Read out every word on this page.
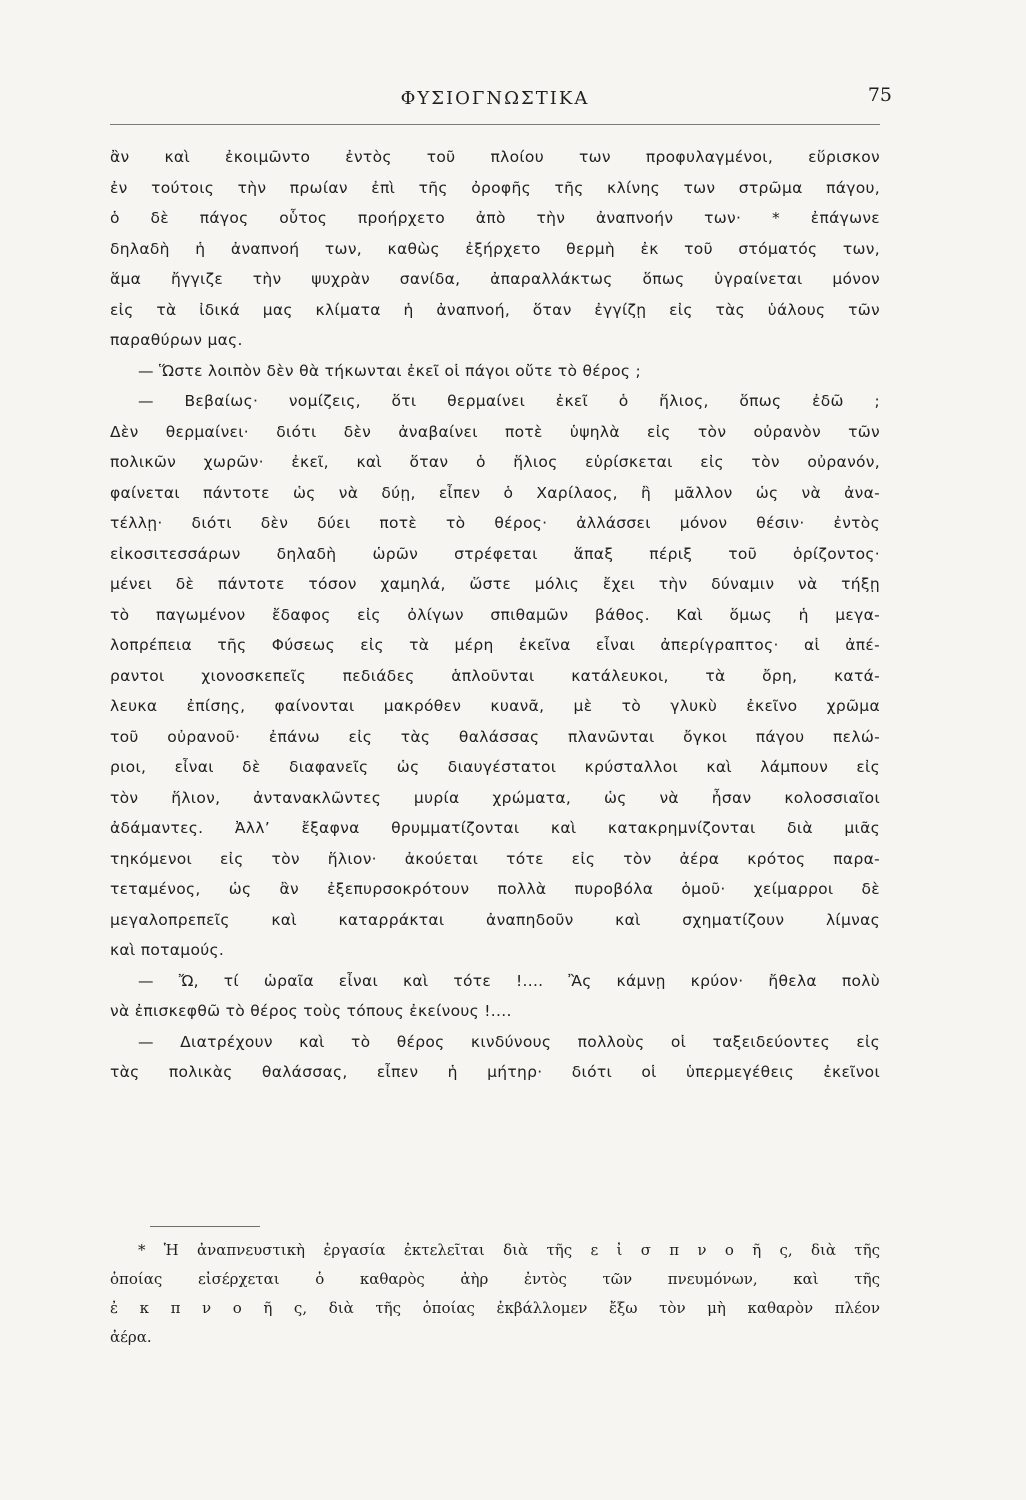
ΦΥΣΙΟΓΝΩΣΤΙΚΑ	75
ἂν καὶ ἐκοιμῶντο ἐντὸς τοῦ πλοίου των προφυλαγμένοι, εὕρισκον
ἐν τούτοις τὴν πρωίαν ἐπὶ τῆς ὀροφῆς τῆς κλίνης των στρῶμα πάγου,
ὁ δὲ πάγος οὗτος προήρχετο ἀπὸ τὴν ἀναπνοήν των· * ἐπάγωνε
δηλαδὴ ἡ ἀναπνοή των, καθὼς ἐξήρχετο θερμὴ ἐκ τοῦ στόματός των,
ἅμα ἤγγιζε τὴν ψυχρὰν σανίδα, ἀπαραλλάκτως ὅπως ὑγραίνεται μόνον
εἰς τὰ ἰδικά μας κλίματα ἡ ἀναπνοή, ὅταν ἐγγίζῃ εἰς τὰς ὑάλους τῶν
παραθύρων μας.
— Ὥστε λοιπὸν δὲν θὰ τήκωνται ἐκεῖ οἱ πάγοι οὔτε τὸ θέρος ;
— Βεβαίως· νομίζεις, ὅτι θερμαίνει ἐκεῖ ὁ ἥλιος, ὅπως ἐδῶ ;
Δὲν θερμαίνει· διότι δὲν ἀναβαίνει ποτὲ ὑψηλὰ εἰς τὸν οὐρανὸν τῶν
πολικῶν χωρῶν· ἐκεῖ, καὶ ὅταν ὁ ἥλιος εὑρίσκεται εἰς τὸν οὐρανόν,
φαίνεται πάντοτε ὡς νὰ δύῃ, εἶπεν ὁ Χαρίλαος, ἢ μᾶλλον ὡς νὰ ἀνα-
τέλλῃ· διότι δὲν δύει ποτὲ τὸ θέρος· ἀλλάσσει μόνον θέσιν· ἐντὸς
εἰκοσιτεσσάρων δηλαδὴ ὡρῶν στρέφεται ἅπαξ πέριξ τοῦ ὁρίζοντος·
μένει δὲ πάντοτε τόσον χαμηλά, ὥστε μόλις ἔχει τὴν δύναμιν νὰ τήξῃ
τὸ παγωμένον ἔδαφος εἰς ὀλίγων σπιθαμῶν βάθος. Καὶ ὅμως ἡ μεγα-
λοπρέπεια τῆς Φύσεως εἰς τὰ μέρη ἐκεῖνα εἶναι ἀπερίγραπτος· αἱ ἀπέ-
ραντοι χιονοσκεπεῖς πεδιάδες ἁπλοῦνται κατάλευκοι, τὰ ὄρη, κατά-
λευκα ἐπίσης, φαίνονται μακρόθεν κυανᾶ, μὲ τὸ γλυκὺ ἐκεῖνο χρῶμα
τοῦ οὐρανοῦ· ἐπάνω εἰς τὰς θαλάσσας πλανῶνται ὄγκοι πάγου πελώ-
ριοι, εἶναι δὲ διαφανεῖς ὡς διαυγέστατοι κρύσταλλοι καὶ λάμπουν εἰς
τὸν ἥλιον, ἀντανακλῶντες μυρία χρώματα, ὡς νὰ ἦσαν κολοσσιαῖοι
ἀδάμαντες. Ἀλλ’ ἔξαφνα θρυμματίζονται καὶ κατακρημνίζονται διὰ μιᾶς
τηκόμενοι εἰς τὸν ἥλιον· ἀκούεται τότε εἰς τὸν ἀέρα κρότος παρα-
τεταμένος, ὡς ἂν ἐξεπυρσοκρότουν πολλὰ πυροβόλα ὁμοῦ· χείμαρροι δὲ
μεγαλοπρεπεῖς καὶ καταρράκται ἀναπηδοῦν καὶ σχηματίζουν λίμνας
καὶ ποταμούς.
— Ὤ, τί ὡραῖα εἶναι καὶ τότε !.... Ἂς κάμνῃ κρύον· ἤθελα πολὺ
νὰ ἐπισκεφθῶ τὸ θέρος τοὺς τόπους ἐκείνους !....
— Διατρέχουν καὶ τὸ θέρος κινδύνους πολλοὺς οἱ ταξειδεύοντες εἰς
τὰς πολικὰς θαλάσσας, εἶπεν ἡ μήτηρ· διότι οἱ ὑπερμεγέθεις ἐκεῖνοι
* Ἡ ἀναπνευστικὴ ἐργασία ἐκτελεῖται διὰ τῆς ε ἰ σ π ν ο ῆ ς, διὰ τῆς
ὁποίας εἰσέρχεται ὁ καθαρὸς ἀὴρ ἐντὸς τῶν πνευμόνων, καὶ τῆς
ἐ κ π ν ο ῆ ς, διὰ τῆς ὁποίας ἐκβάλλομεν ἔξω τὸν μὴ καθαρὸν πλέον
ἀέρα.
